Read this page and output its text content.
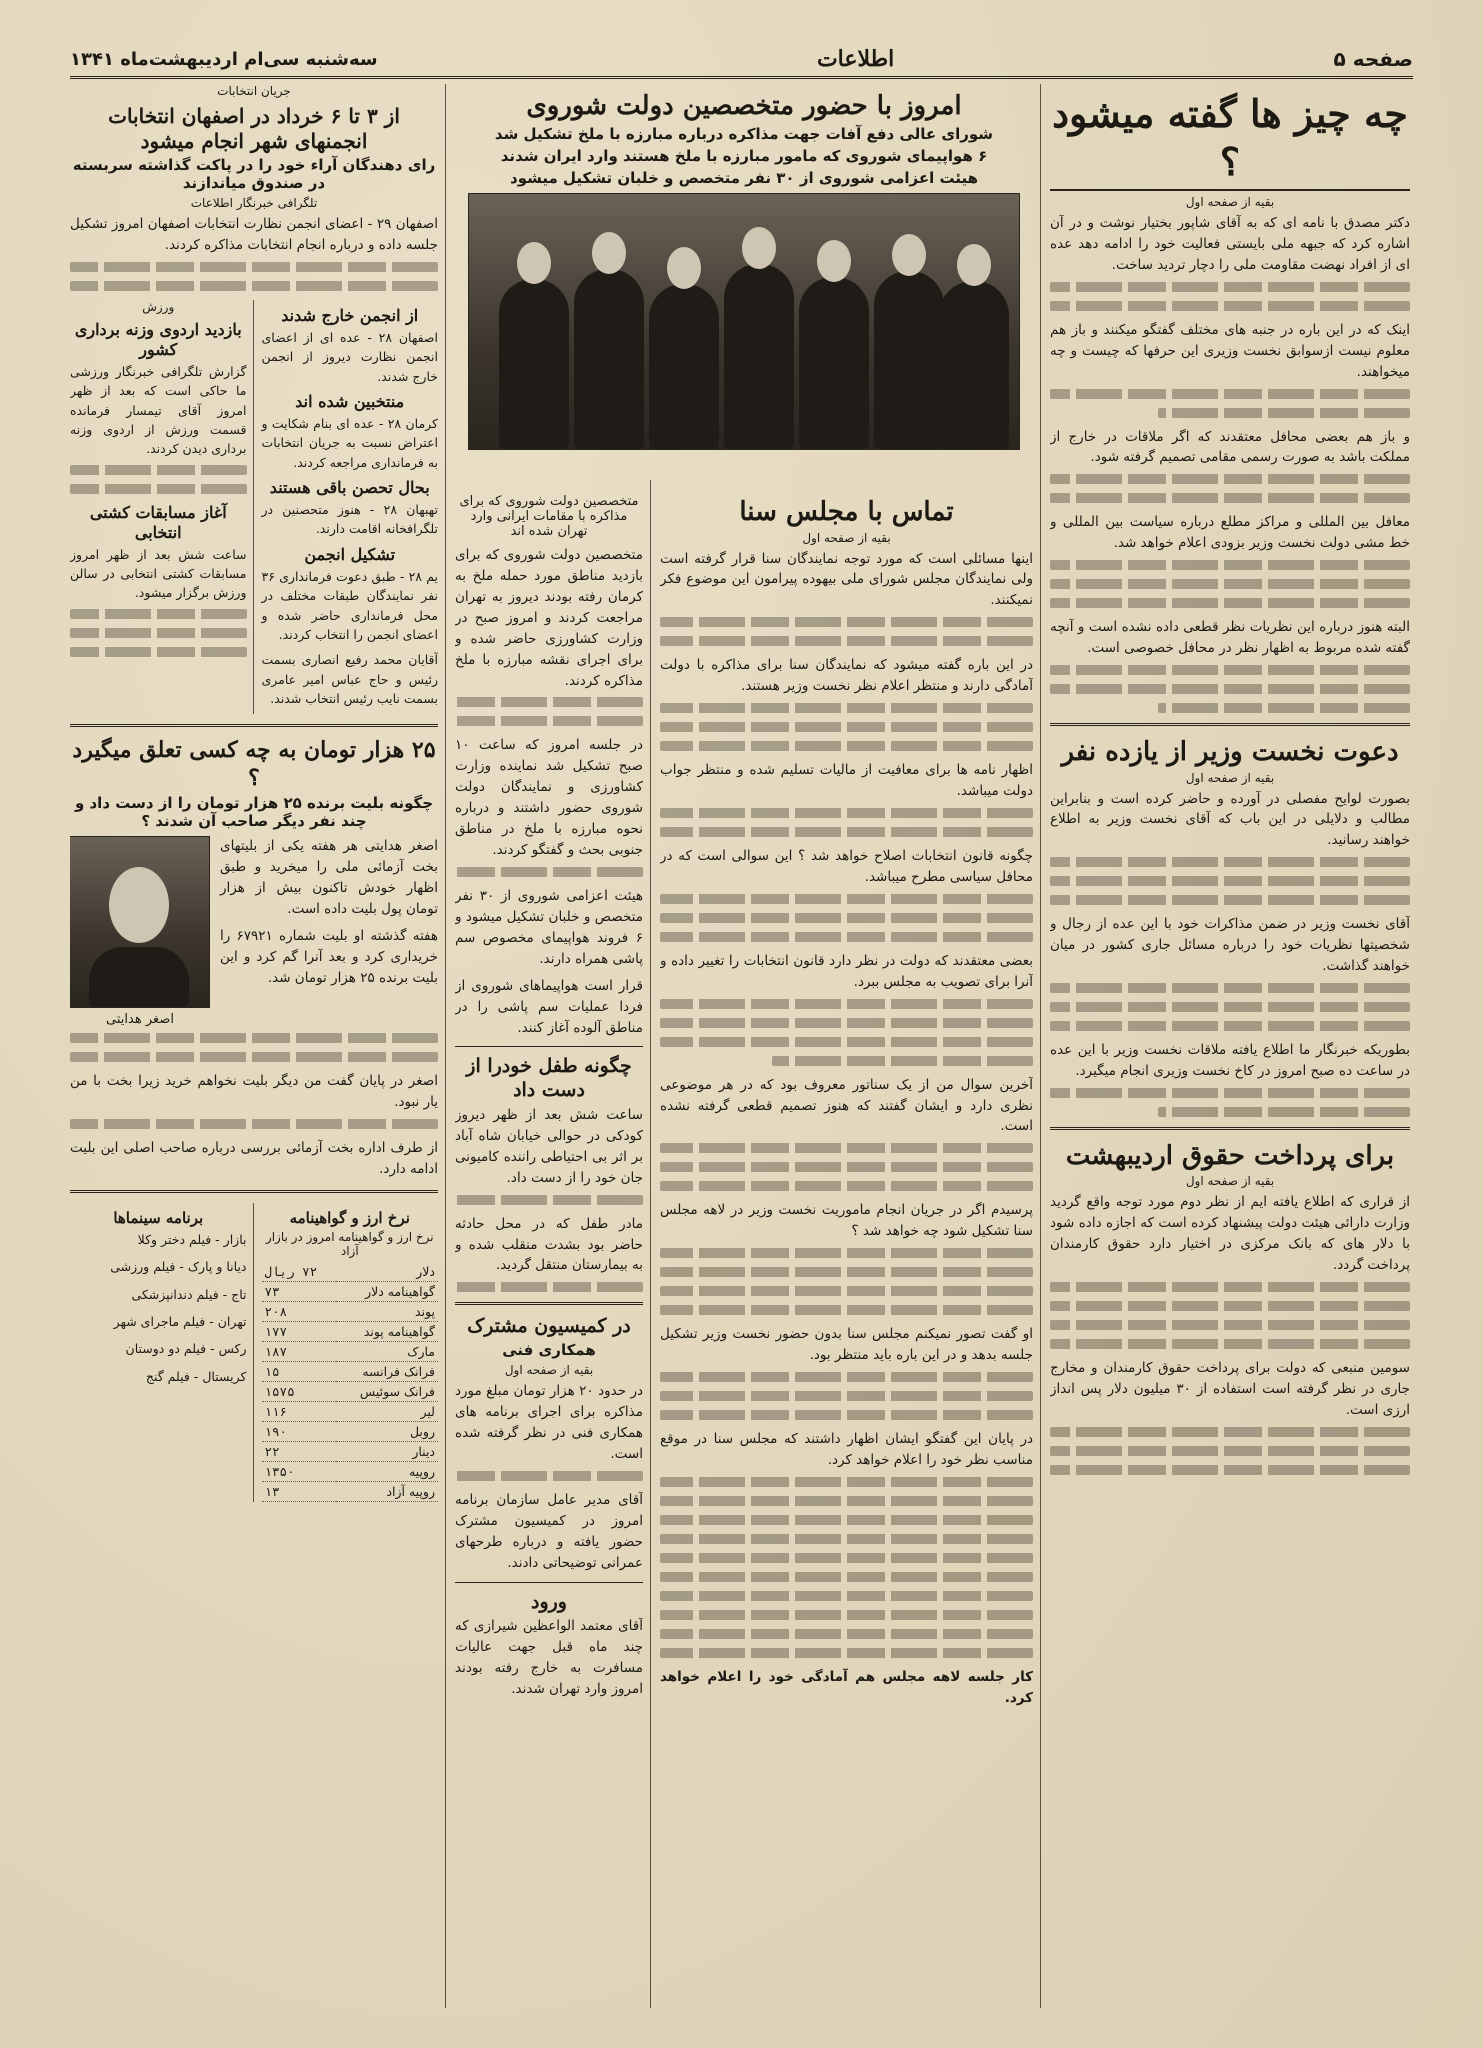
صفحه ۵
اطلاعات
سه‌شنبه سی‌ام اردیبهشت‌ماه ۱۳۴۱
چه چیز ها گفته میشود ؟
بقیه از صفحه اول

دکتر مصدق با نامه ای که به آقای شاپور بختیار نوشت و در آن اشاره کرد که جبهه ملی بایستی فعالیت خود را ادامه دهد عده ای از افراد نهضت مقاومت ملی را دچار تردید ساخت.

اینک که در این باره در جنبه های مختلف گفتگو میکنند و باز هم معلوم نیست ازسوابق نخست وزیری این حرفها که چیست و چه میخواهند.

و باز هم بعضی محافل معتقدند که اگر ملاقات در خارج از مملکت باشد به صورت رسمی مقامی تصمیم گرفته شود.

معافل بین المللی و مراکز مطلع درباره سیاست بین المللی و خط مشی دولت نخست وزیر بزودی اعلام خواهد شد.

البته هنوز درباره این نظریات نظر قطعی داده نشده است و آنچه گفته شده مربوط به اظهار نظر در محافل خصوصی است.

دعوت نخست وزیر از یازده نفر
بقیه از صفحه اول

بصورت لوایح مفصلی در آورده و حاضر کرده است و بنابراین مطالب و دلایلی در این باب که آقای نخست وزیر به اطلاع خواهند رسانید.

آقای نخست وزیر در ضمن مذاکرات خود با این عده از رجال و شخصیتها نظریات خود را درباره مسائل جاری کشور در میان خواهند گذاشت.

بطوریکه خبرنگار ما اطلاع یافته ملاقات نخست وزیر با این عده در ساعت ده صبح امروز در کاخ نخست وزیری انجام میگیرد.

برای پرداخت حقوق اردیبهشت
بقیه از صفحه اول

از قراری که اطلاع یافته ایم از نظر دوم مورد توجه واقع گردید وزارت دارائی هیئت دولت پیشنهاد کرده است که اجازه داده شود با دلار های که بانک مرکزی در اختیار دارد حقوق کارمندان پرداخت گردد.

سومین منبعی که دولت برای پرداخت حقوق کارمندان و مخارج جاری در نظر گرفته است استفاده از ۳۰ میلیون دلار پس انداز ارزی است.

امروز با حضور متخصصین دولت شوروی
شورای عالی دفع آفات جهت مذاکره درباره مبارزه با ملخ تشکیل شد
۶ هواپیمای شوروی که مامور مبارزه با ملخ هستند وارد ایران شدند
هیئت اعزامی شوروی از ۳۰ نفر متخصص و خلبان تشکیل میشود
تماس با مجلس سنا
بقیه از صفحه اول

اینها مسائلی است که مورد توجه نمایندگان سنا قرار گرفته است ولی نمایندگان مجلس شورای ملی بیهوده پیرامون این موضوع فکر نمیکنند.

در این باره گفته میشود که نمایندگان سنا برای مذاکره با دولت آمادگی دارند و منتظر اعلام نظر نخست وزیر هستند.

اظهار نامه ها برای معافیت از مالیات تسلیم شده و منتظر جواب دولت میباشد.

چگونه قانون انتخابات اصلاح خواهد شد ؟ این سوالی است که در محافل سیاسی مطرح میباشد.

بعضی معتقدند که دولت در نظر دارد قانون انتخابات را تغییر داده و آنرا برای تصویب به مجلس ببرد.

آخرین سوال من از یک سناتور معروف بود که در هر موضوعی نظری دارد و ایشان گفتند که هنوز تصمیم قطعی گرفته نشده است.

پرسیدم اگر در جریان انجام ماموریت نخست وزیر در لاهه مجلس سنا تشکیل شود چه خواهد شد ؟

او گفت تصور نمیکنم مجلس سنا بدون حضور نخست وزیر تشکیل جلسه بدهد و در این باره باید منتظر بود.

در پایان این گفتگو ایشان اظهار داشتند که مجلس سنا در موقع مناسب نظر خود را اعلام خواهد کرد.

کار جلسه لاهه مجلس هم آمادگی خود را اعلام خواهد کرد.

متخصصین دولت شوروی که برای مذاکره با مقامات ایرانی وارد تهران شده اند

متخصصین دولت شوروی که برای بازدید مناطق مورد حمله ملخ به کرمان رفته بودند دیروز به تهران مراجعت کردند و امروز صبح در وزارت کشاورزی حاضر شده و برای اجرای نقشه مبارزه با ملخ مذاکره کردند.

در جلسه امروز که ساعت ۱۰ صبح تشکیل شد نماینده وزارت کشاورزی و نمایندگان دولت شوروی حضور داشتند و درباره نحوه مبارزه با ملخ در مناطق جنوبی بحث و گفتگو کردند.

هیئت اعزامی شوروی از ۳۰ نفر متخصص و خلبان تشکیل میشود و ۶ فروند هواپیمای مخصوص سم پاشی همراه دارند.

قرار است هواپیماهای شوروی از فردا عملیات سم پاشی را در مناطق آلوده آغاز کنند.

چگونه طفل خودرا از دست داد

ساعت شش بعد از ظهر دیروز کودکی در حوالی خیابان شاه آباد بر اثر بی احتیاطی راننده کامیونی جان خود را از دست داد.

مادر طفل که در محل حادثه حاضر بود بشدت منقلب شده و به بیمارستان منتقل گردید.

در کمیسیون مشترک
همکاری فنی
بقیه از صفحه اول

در حدود ۲۰ هزار تومان مبلغ مورد مذاکره برای اجرای برنامه های همکاری فنی در نظر گرفته شده است.

آقای مدیر عامل سازمان برنامه امروز در کمیسیون مشترک حضور یافته و درباره طرحهای عمرانی توضیحاتی دادند.

ورود

آقای معتمد الواعظین شیرازی که چند ماه قبل جهت عالیات مسافرت به خارج رفته بودند امروز وارد تهران شدند.

جریان انتخابات
از ۳ تا ۶ خرداد در اصفهان انتخابات انجمنهای شهر انجام میشود
رای دهندگان آراء خود را در پاکت گذاشته سربسته در صندوق میاندازند
تلگرافی خبرنگار اطلاعات

اصفهان ۲۹ - اعضای انجمن نظارت انتخابات اصفهان امروز تشکیل جلسه داده و درباره انجام انتخابات مذاکره کردند.

از انجمن خارج شدند

اصفهان ۲۸ - عده ای از اعضای انجمن نظارت دیروز از انجمن خارج شدند.

منتخبین شده اند

کرمان ۲۸ - عده ای بنام شکایت و اعتراض نسبت به جریان انتخابات به فرمانداری مراجعه کردند.

بحال تحصن باقی هستند

تهبهان ۲۸ - هنوز متحصنین در تلگرافخانه اقامت دارند.

تشکیل انجمن

یم ۲۸ - طبق دعوت فرمانداری ۳۶ نفر نمایندگان طبقات مختلف در محل فرمانداری حاضر شده و اعضای انجمن را انتخاب کردند.

آقایان محمد رفیع انصاری بسمت رئیس و حاج عباس امیر عامری بسمت نایب رئیس انتخاب شدند.

ورزش
بازدید اردوی وزنه برداری کشور

گزارش تلگرافی خبرنگار ورزشی ما حاکی است که بعد از ظهر امروز آقای تیمسار فرمانده قسمت ورزش از اردوی وزنه برداری دیدن کردند.

آغاز مسابقات کشتی انتخابی

ساعت شش بعد از ظهر امروز مسابقات کشتی انتخابی در سالن ورزش برگزار میشود.

۲۵ هزار تومان به چه کسی تعلق میگیرد ؟
چگونه بلیت برنده ۲۵ هزار تومان را از دست داد و چند نفر دیگر صاحب آن شدند ؟

اصغر هدایتی هر هفته یکی از بلیتهای بخت آزمائی ملی را میخرید و طبق اظهار خودش تاکنون بیش از هزار تومان پول بلیت داده است.

هفته گذشته او بلیت شماره ۶۷۹۲۱ را خریداری کرد و بعد آنرا گم کرد و این بلیت برنده ۲۵ هزار تومان شد.

اصغر هدایتی

اصغر در پایان گفت من دیگر بلیت نخواهم خرید زیرا بخت با من یار نبود.

از طرف اداره بخت آزمائی بررسی درباره صاحب اصلی این بلیت ادامه دارد.

نرخ ارز و گواهینامه
نرخ ارز و گواهینامه امروز در بازار آزاد
دلار	۷۲ ریال
گواهینامه دلار	۷۳
پوند	۲۰۸
گواهینامه پوند	۱۷۷
مارک	۱۸۷
فرانک فرانسه	۱۵
فرانک سوئیس	۱۵۷۵
لیر	۱۱۶
روبل	۱۹۰
دینار	۲۲
روپیه	۱۳۵۰
روپیه آزاد	۱۳
برنامه سینماها

بازار - فیلم دختر وکلا

دیانا و پارک - فیلم ورزشی

تاج - فیلم دندانپزشکی

تهران - فیلم ماجرای شهر

رکس - فیلم دو دوستان

کریستال - فیلم گنج
